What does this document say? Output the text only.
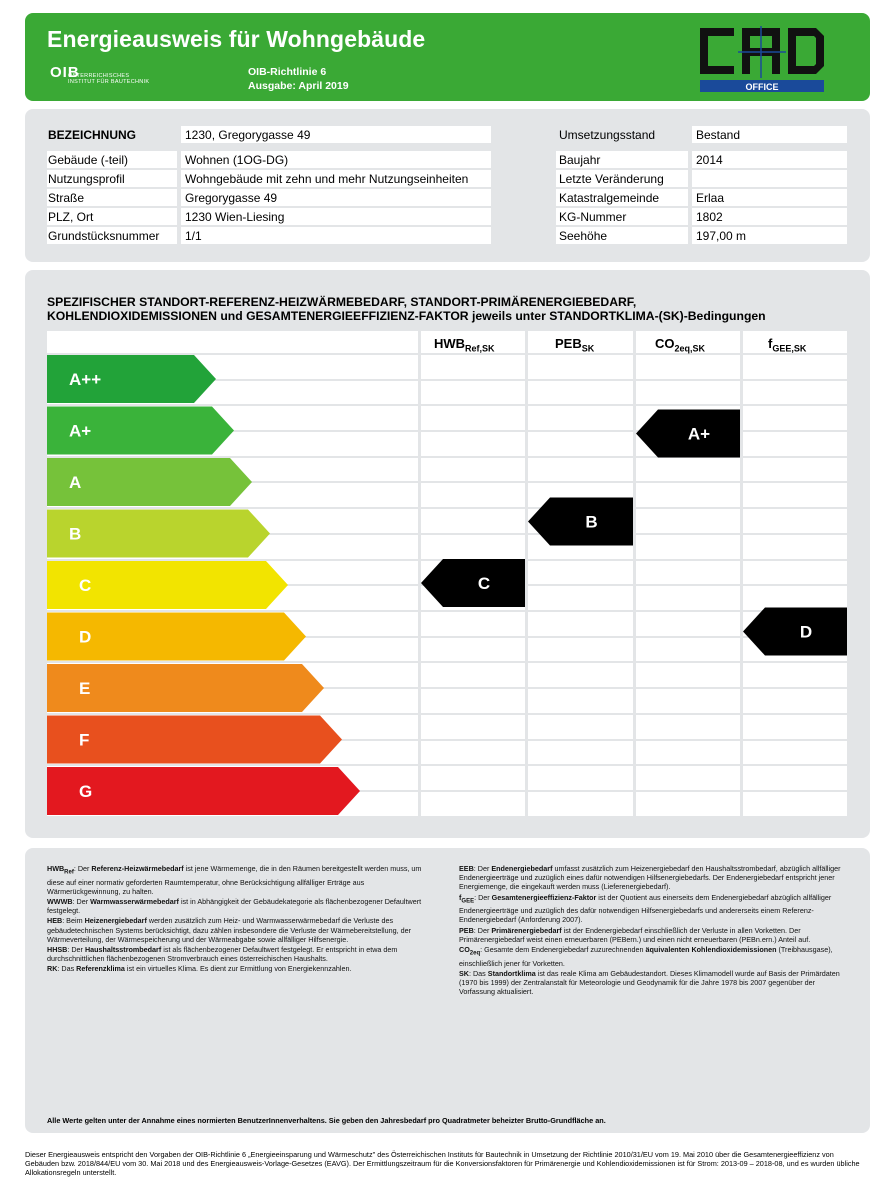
Energieausweis für Wohngebäude
OIB
ÖSTERREICHISCHES
INSTITUT FÜR BAUTECHNIK
OIB-Richtlinie 6
Ausgabe: April 2019	OFFICE
BEZEICHNUNG	1230, Gregorygasse 49	Umsetzungsstand	Bestand
Gebäude (-teil)	Wohnen (1OG-DG)	Baujahr	2014
Nutzungsprofil	Wohngebäude mit zehn und mehr Nutzungseinheiten	Letzte Veränderung
Straße	Gregorygasse 49	Katastralgemeinde	Erlaa
PLZ, Ort	1230 Wien-Liesing	KG-Nummer	1802
Grundstücksnummer 1/1	Seehöhe	197,00 m
SPEZIFISCHER STANDORT-REFERENZ-HEIZWÄRMEBEDARF, STANDORT-PRIMÄRENERGIEBEDARF,
KOHLENDIOXIDEMISSIONEN und GESAMTENERGIEEFFIZIENZ-FAKTOR jeweils unter STANDORTKLIMA-(SK)-Bedingungen
$HWB_{Ref,SK}$	$PEB_{SK}$	$CO_{2eq,SK}$	$f_{GEE,SK}$
A++
A+
A
B
C
D
E
F
G
C
B
A+
D
$HWB_{Ref}$: Der Referenz-Heizwärmebedarf ist jene Wärmemenge, die in den Räumen bereitgestellt werden muss, um diese auf einer normativ geforderten Raumtemperatur, ohne Berücksichtigung allfälliger Erträge aus Wärmerückgewinnung, zu halten.
WWWB: Der Warmwasserwärmebedarf ist in Abhängigkeit der Gebäudekategorie als flächenbezogener Defaultwert festgelegt.
HEB: Beim Heizenergiebedarf werden zusätzlich zum Heiz- und Warmwasserwärmebedarf die Verluste des gebäudetechnischen Systems berücksichtigt, dazu zählen insbesondere die Verluste der Wärmebereitstellung, der Wärmeverteilung, der Wärmespeicherung und der Wärmeabgabe sowie allfälliger Hilfsenergie.
HHSB: Der Haushaltsstrombedarf ist als flächenbezogener Defaultwert festgelegt. Er entspricht in etwa dem durchschnittlichen flächenbezogenen Stromverbrauch eines österreichischen Haushalts.
RK: Das Referenzklima ist ein virtuelles Klima. Es dient zur Ermittlung von Energiekennzahlen.
EEB: Der Endenergiebedarf umfasst zusätzlich zum Heizenergiebedarf den Haushaltsstrombedarf, abzüglich allfälliger Endenergieerträge und zuzüglich eines dafür notwendigen Hilfsenergiebedarfs. Der Endenergiebedarf entspricht jener Energiemenge, die eingekauft werden muss (Lieferenergiebedarf).
$f_{GEE}$: Der Gesamtenergieeffizienz-Faktor ist der Quotient aus einerseits dem Endenergiebedarf abzüglich allfälliger Endenergieerträge und zuzüglich des dafür notwendigen Hilfsenergiebedarfs und andererseits einem Referenz-Endenergiebedarf (Anforderung 2007).
PEB: Der Primärenergiebedarf ist der Endenergiebedarf einschließlich der Verluste in allen Vorketten. Der Primärenergiebedarf weist einen erneuerbaren (PEBern.) und einen nicht erneuerbaren (PEBn.ern.) Anteil auf.
$CO_{2eq}$: Gesamte dem Endenergiebedarf zuzurechnenden äquivalenten Kohlendioxidemissionen (Treibhausgase), einschließlich jener für Vorketten.
SK: Das Standortklima ist das reale Klima am Gebäudestandort. Dieses Klimamodell wurde auf Basis der Primärdaten (1970 bis 1999) der Zentralanstalt für Meteorologie und Geodynamik für die Jahre 1978 bis 2007 gegenüber der Vorfassung aktualisiert.
Alle Werte gelten unter der Annahme eines normierten BenutzerInnenverhaltens. Sie geben den Jahresbedarf pro Quadratmeter beheizter Brutto-Grundfläche an.
Dieser Energieausweis entspricht den Vorgaben der OIB-Richtlinie 6 „Energieeinsparung und Wärmeschutz" des Österreichischen Instituts für Bautechnik in Umsetzung der Richtlinie 2010/31/EU vom 19. Mai 2010 über die Gesamtenergieeffizienz von Gebäuden bzw. 2018/844/EU vom 30. Mai 2018 und des Energieausweis-Vorlage-Gesetzes (EAVG). Der Ermittlungszeitraum für die Konversionsfaktoren für Primärenergie und Kohlendioxidemissionen ist für Strom: 2013-09 – 2018-08, und es wurden übliche Allokationsregeln unterstellt.
